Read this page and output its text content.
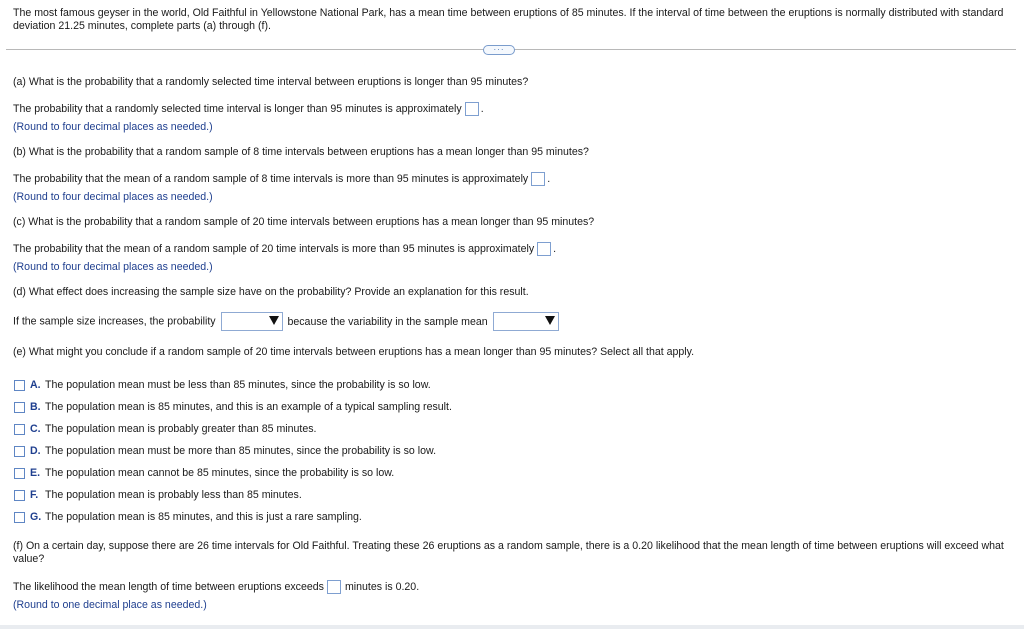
The most famous geyser in the world, Old Faithful in Yellowstone National Park, has a mean time between eruptions of 85 minutes. If the interval of time between the eruptions is normally distributed with standard deviation 21.25 minutes, complete parts (a) through (f).
···
(a) What is the probability that a randomly selected time interval between eruptions is longer than 95 minutes?
The probability that a randomly selected time interval is longer than 95 minutes is approximately .
(Round to four decimal places as needed.)
(b) What is the probability that a random sample of 8 time intervals between eruptions has a mean longer than 95 minutes?
The probability that the mean of a random sample of 8 time intervals is more than 95 minutes is approximately .
(Round to four decimal places as needed.)
(c) What is the probability that a random sample of 20 time intervals between eruptions has a mean longer than 95 minutes?
The probability that the mean of a random sample of 20 time intervals is more than 95 minutes is approximately .
(Round to four decimal places as needed.)
(d) What effect does increasing the sample size have on the probability? Provide an explanation for this result.
If the sample size increases, the probability	because the variability in the sample mean
(e) What might you conclude if a random sample of 20 time intervals between eruptions has a mean longer than 95 minutes? Select all that apply.
A. The population mean must be less than 85 minutes, since the probability is so low.
B. The population mean is 85 minutes, and this is an example of a typical sampling result.
C. The population mean is probably greater than 85 minutes.
D. The population mean must be more than 85 minutes, since the probability is so low.
E. The population mean cannot be 85 minutes, since the probability is so low.
F. The population mean is probably less than 85 minutes.
G. The population mean is 85 minutes, and this is just a rare sampling.
(f) On a certain day, suppose there are 26 time intervals for Old Faithful. Treating these 26 eruptions as a random sample, there is a 0.20 likelihood that the mean length of time between eruptions will exceed what value?
The likelihood the mean length of time between eruptions exceeds minutes is 0.20.
(Round to one decimal place as needed.)
